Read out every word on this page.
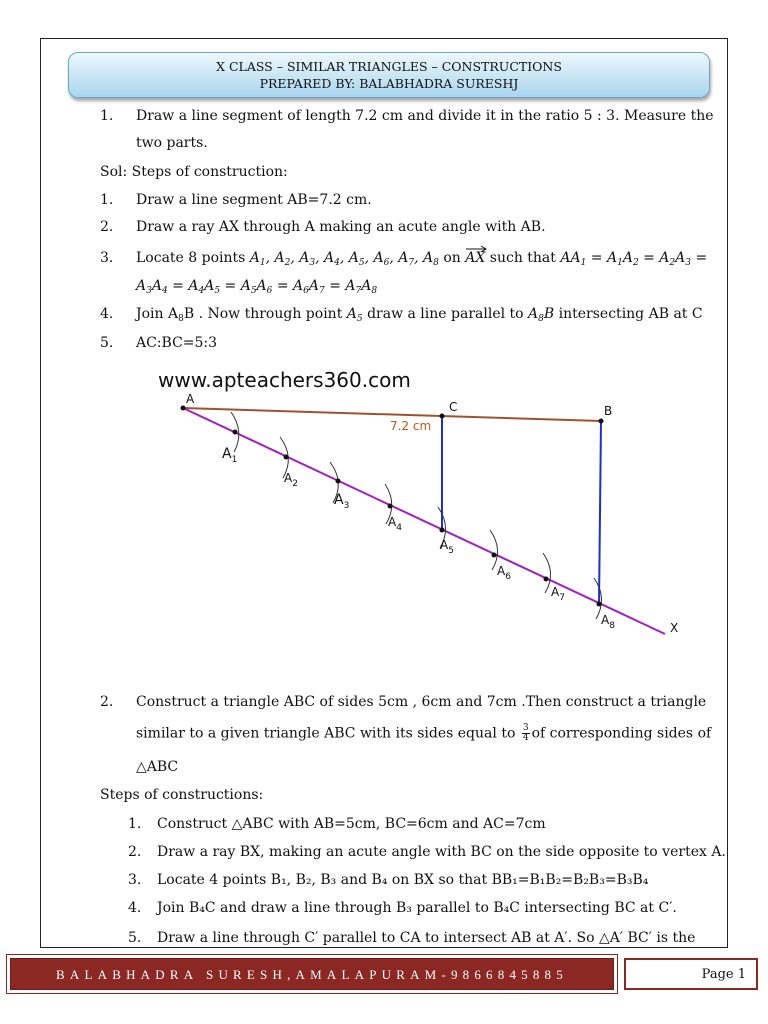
X CLASS – SIMILAR TRIANGLES – CONSTRUCTIONS
PREPARED BY: BALABHADRA SURESHJ
1. Draw a line segment of length 7.2 cm and divide it in the ratio 5 : 3. Measure the
two parts.
Sol: Steps of construction:
1. Draw a line segment AB=7.2 cm.
2. Draw a ray AX through A making an acute angle with AB.
3. Locate 8 points $A_1$, $A_2$, $A_3$, $A_4$, $A_5$, $A_6$, $A_7$, $A_8$ on AX
such that $AA_1 = A_1A_2 = A_2A_3$ =
$A_3A_4 = A_4A_5 = A_5A_6 = A_6A_7 = A_7A_8$
4. Join $A_8B$ . Now through point $A_5$ draw a line parallel to $A_8B$ intersecting AB at C
5. AC:BC=5:3
www.apteachers360.com
A
C	B
X
7.2 cm
$A_1$
$A_2$
$A_3$
$A_4$
$A_5$
$A_6$
$A_7$
$A_8$
2. Construct a triangle ABC of sides 5cm , 6cm and 7cm .Then construct a triangle
similar to a given triangle ABC with its sides equal to $\frac{3}{4}$ of corresponding sides of
△ABC
Steps of constructions:
1. Construct △ABC with AB=5cm, BC=6cm and AC=7cm
2. Draw a ray BX, making an acute angle with BC on the side opposite to vertex A.
3. Locate 4 points B₁, B₂, B₃ and B₄ on BX so that BB₁=B₁B₂=B₂B₃=B₃B₄
4. Join B₄C and draw a line through B₃ parallel to B₄C intersecting BC at C′.
5. Draw a line through C′ parallel to CA to intersect AB at A′. So △A′ BC′ is the
BALABHADRA SURESH,AMALAPURAM-9866845885	Page 1
